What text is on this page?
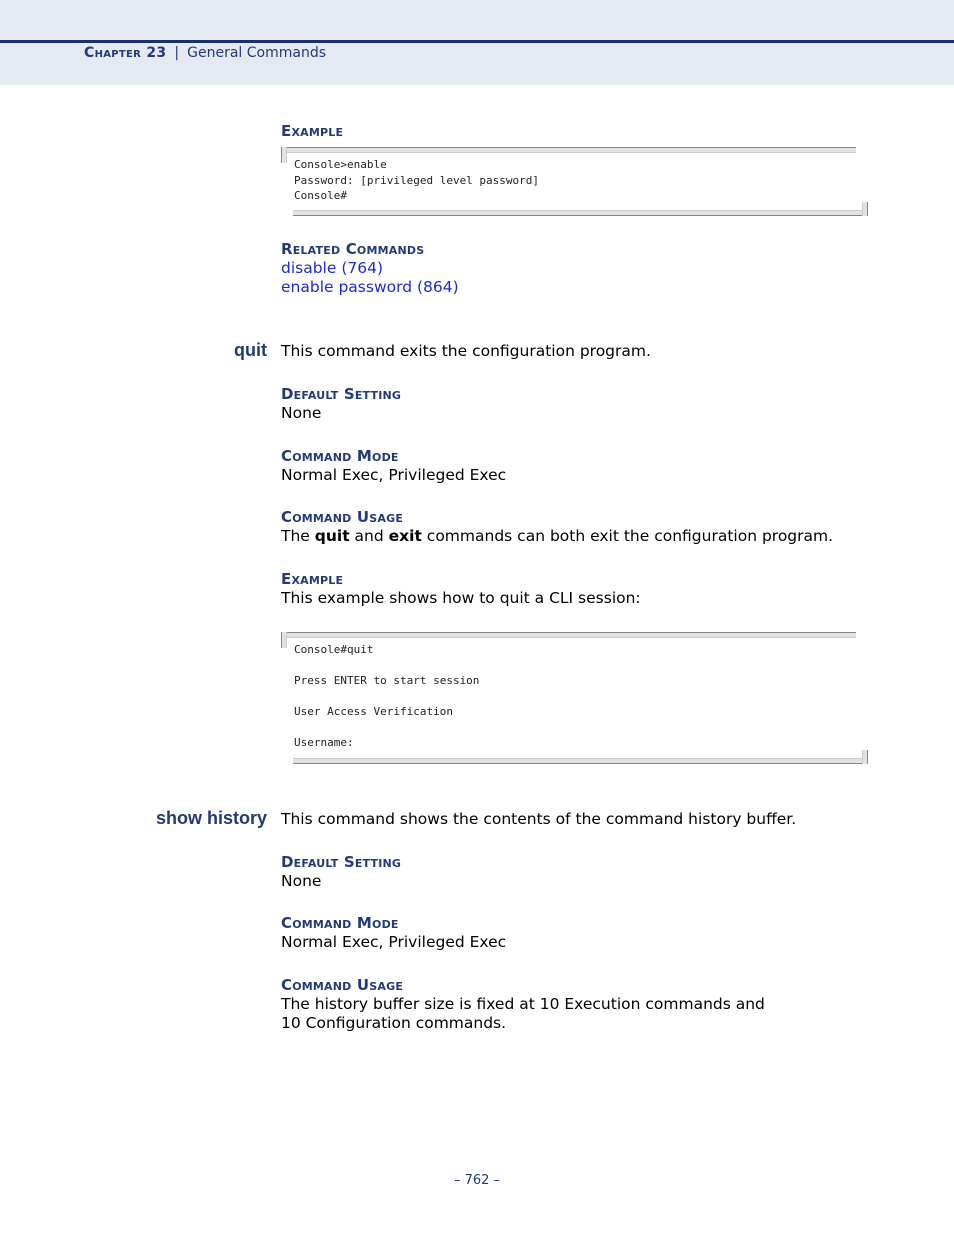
Chapter 23 | General Commands
Example
Console>enable
Password: [privileged level password]
Console#
Related Commands
disable (764)
enable password (864)
quit This command exits the configuration program.
Default Setting
None
Command Mode
Normal Exec, Privileged Exec
Command Usage
The quit and exit commands can both exit the configuration program.
Example
This example shows how to quit a CLI session:
Console#quit

Press ENTER to start session

User Access Verification

Username:
show history This command shows the contents of the command history buffer.
Default Setting
None
Command Mode
Normal Exec, Privileged Exec
Command Usage
The history buffer size is fixed at 10 Execution commands and
10 Configuration commands.
– 762 –
